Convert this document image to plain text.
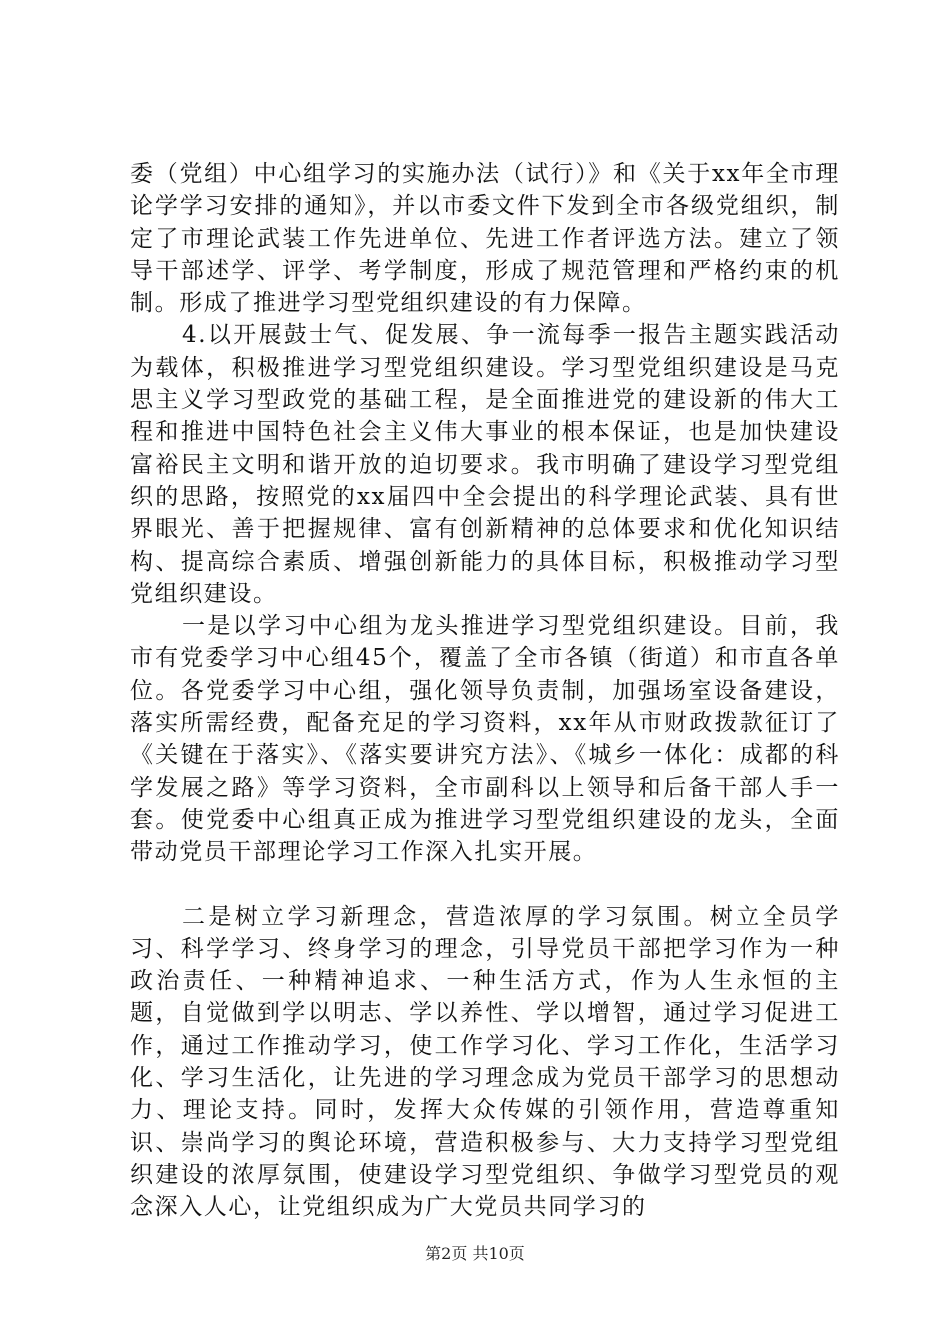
委（党组）中心组学习的实施办法（试行）》和《关于xx年全市理论学学习安排的通知》，并以市委文件下发到全市各级党组织，制定了市理论武装工作先进单位、先进工作者评选方法。建立了领导干部述学、评学、考学制度，形成了规范管理和严格约束的机制。形成了推进学习型党组织建设的有力保障。

4.以开展鼓士气、促发展、争一流每季一报告主题实践活动为载体，积极推进学习型党组织建设。学习型党组织建设是马克思主义学习型政党的基础工程，是全面推进党的建设新的伟大工程和推进中国特色社会主义伟大事业的根本保证，也是加快建设富裕民主文明和谐开放的迫切要求。我市明确了建设学习型党组织的思路，按照党的xx届四中全会提出的科学理论武装、具有世界眼光、善于把握规律、富有创新精神的总体要求和优化知识结构、提高综合素质、增强创新能力的具体目标，积极推动学习型党组织建设。

一是以学习中心组为龙头推进学习型党组织建设。目前，我市有党委学习中心组45个，覆盖了全市各镇（街道）和市直各单位。各党委学习中心组，强化领导负责制，加强场室设备建设，落实所需经费，配备充足的学习资料，xx年从市财政拨款征订了《关键在于落实》、《落实要讲究方法》、《城乡一体化：成都的科学发展之路》等学习资料，全市副科以上领导和后备干部人手一套。使党委中心组真正成为推进学习型党组织建设的龙头，全面带动党员干部理论学习工作深入扎实开展。

二是树立学习新理念，营造浓厚的学习氛围。树立全员学习、科学学习、终身学习的理念，引导党员干部把学习作为一种政治责任、一种精神追求、一种生活方式，作为人生永恒的主题，自觉做到学以明志、学以养性、学以增智，通过学习促进工作，通过工作推动学习，使工作学习化、学习工作化，生活学习化、学习生活化，让先进的学习理念成为党员干部学习的思想动力、理论支持。同时，发挥大众传媒的引领作用，营造尊重知识、崇尚学习的舆论环境，营造积极参与、大力支持学习型党组织建设的浓厚氛围，使建设学习型党组织、争做学习型党员的观念深入人心，让党组织成为广大党员共同学习的

第2页 共10页
